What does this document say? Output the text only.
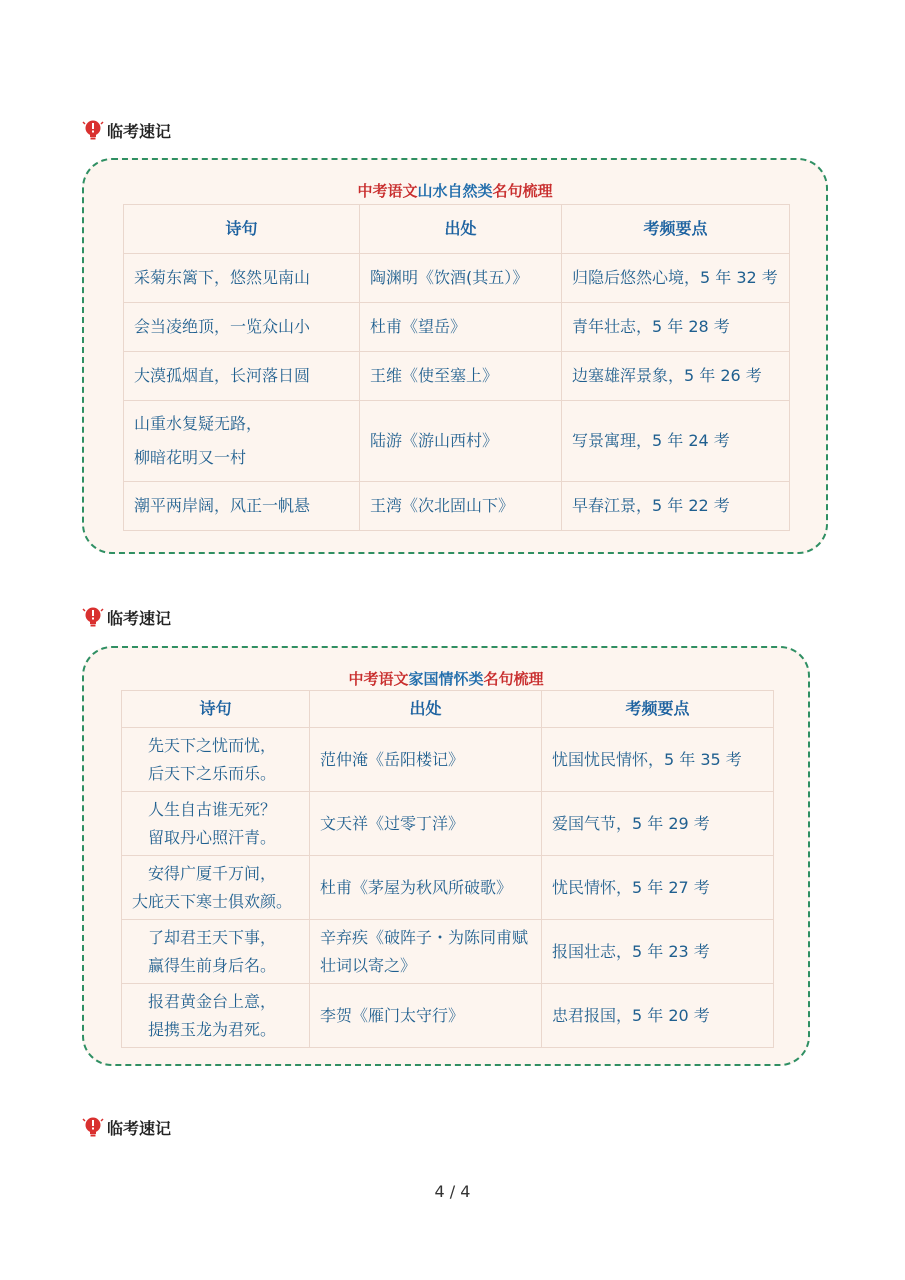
临考速记
中考语文山水自然类名句梳理
诗句	出处	考频要点
采菊东篱下，悠然见南山	陶渊明《饮酒(其五）》	归隐后悠然心境，5 年 32 考
会当凌绝顶，一览众山小	杜甫《望岳》	青年壮志，5 年 28 考
大漠孤烟直，长河落日圆	王维《使至塞上》	边塞雄浑景象，5 年 26 考

山重水复疑无路，
柳暗花明又一村	陆游《游山西村》	写景寓理，5 年 24 考
潮平两岸阔，风正一帆悬	王湾《次北固山下》	早春江景，5 年 22 考
临考速记
中考语文家国情怀类名句梳理
诗句	出处	考频要点

先天下之忧而忧，
后天下之乐而乐。	范仲淹《岳阳楼记》	忧国忧民情怀，5 年 35 考

人生自古谁无死？
留取丹心照汗青。	文天祥《过零丁洋》	爱国气节，5 年 29 考

安得广厦千万间，
大庇天下寒士俱欢颜。	杜甫《茅屋为秋风所破歌》	忧民情怀，5 年 27 考

了却君王天下事，
赢得生前身后名。	辛弃疾《破阵子・为陈同甫赋
壮词以寄之》	报国壮志，5 年 23 考

报君黄金台上意，
提携玉龙为君死。	李贺《雁门太守行》	忠君报国，5 年 20 考
临考速记
4 / 4
